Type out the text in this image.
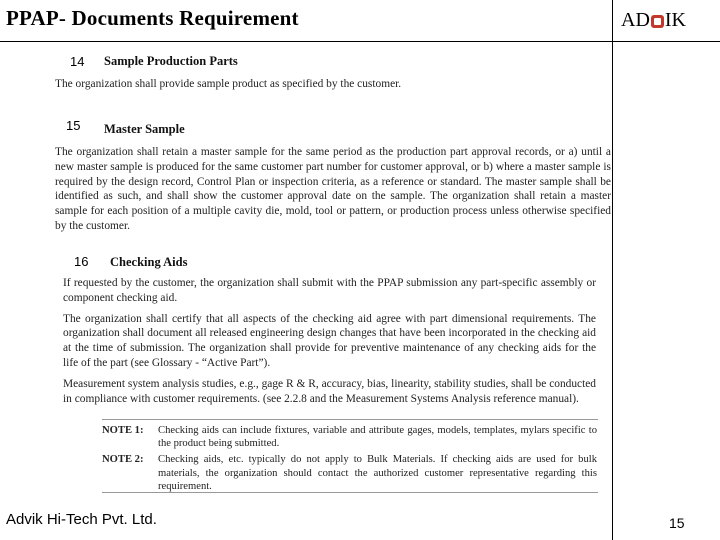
PPAP- Documents Requirement	AD IK
14 Sample Production Parts

The organization shall provide sample product as specified by the customer.

15 Master Sample

The organization shall retain a master sample for the same period as the production part approval records, or a) until a new master sample is produced for the same customer part number for customer approval, or b) where a master sample is required by the design record, Control Plan or inspection criteria, as a reference or standard. The master sample shall be identified as such, and shall show the customer approval date on the sample. The organization shall retain a master sample for each position of a multiple cavity die, mold, tool or pattern, or production process unless otherwise specified by the customer.

16 Checking Aids

If requested by the customer, the organization shall submit with the PPAP submission any part-specific assembly or component checking aid.

The organization shall certify that all aspects of the checking aid agree with part dimensional requirements. The organization shall document all released engineering design changes that have been incorporated in the checking aid at the time of submission. The organization shall provide for preventive maintenance of any checking aids for the life of the part (see Glossary - “Active Part”).

Measurement system analysis studies, e.g., gage R & R, accuracy, bias, linearity, stability studies, shall be conducted in compliance with customer requirements. (see 2.2.8 and the Measurement Systems Analysis reference manual).

NOTE 1:	Checking aids can include fixtures, variable and attribute gages, models, templates, mylars specific to the product being submitted.
NOTE 2:	Checking aids, etc. typically do not apply to Bulk Materials. If checking aids are used for bulk materials, the organization should contact the authorized customer representative regarding this requirement.
Advik Hi-Tech Pvt. Ltd.	15
